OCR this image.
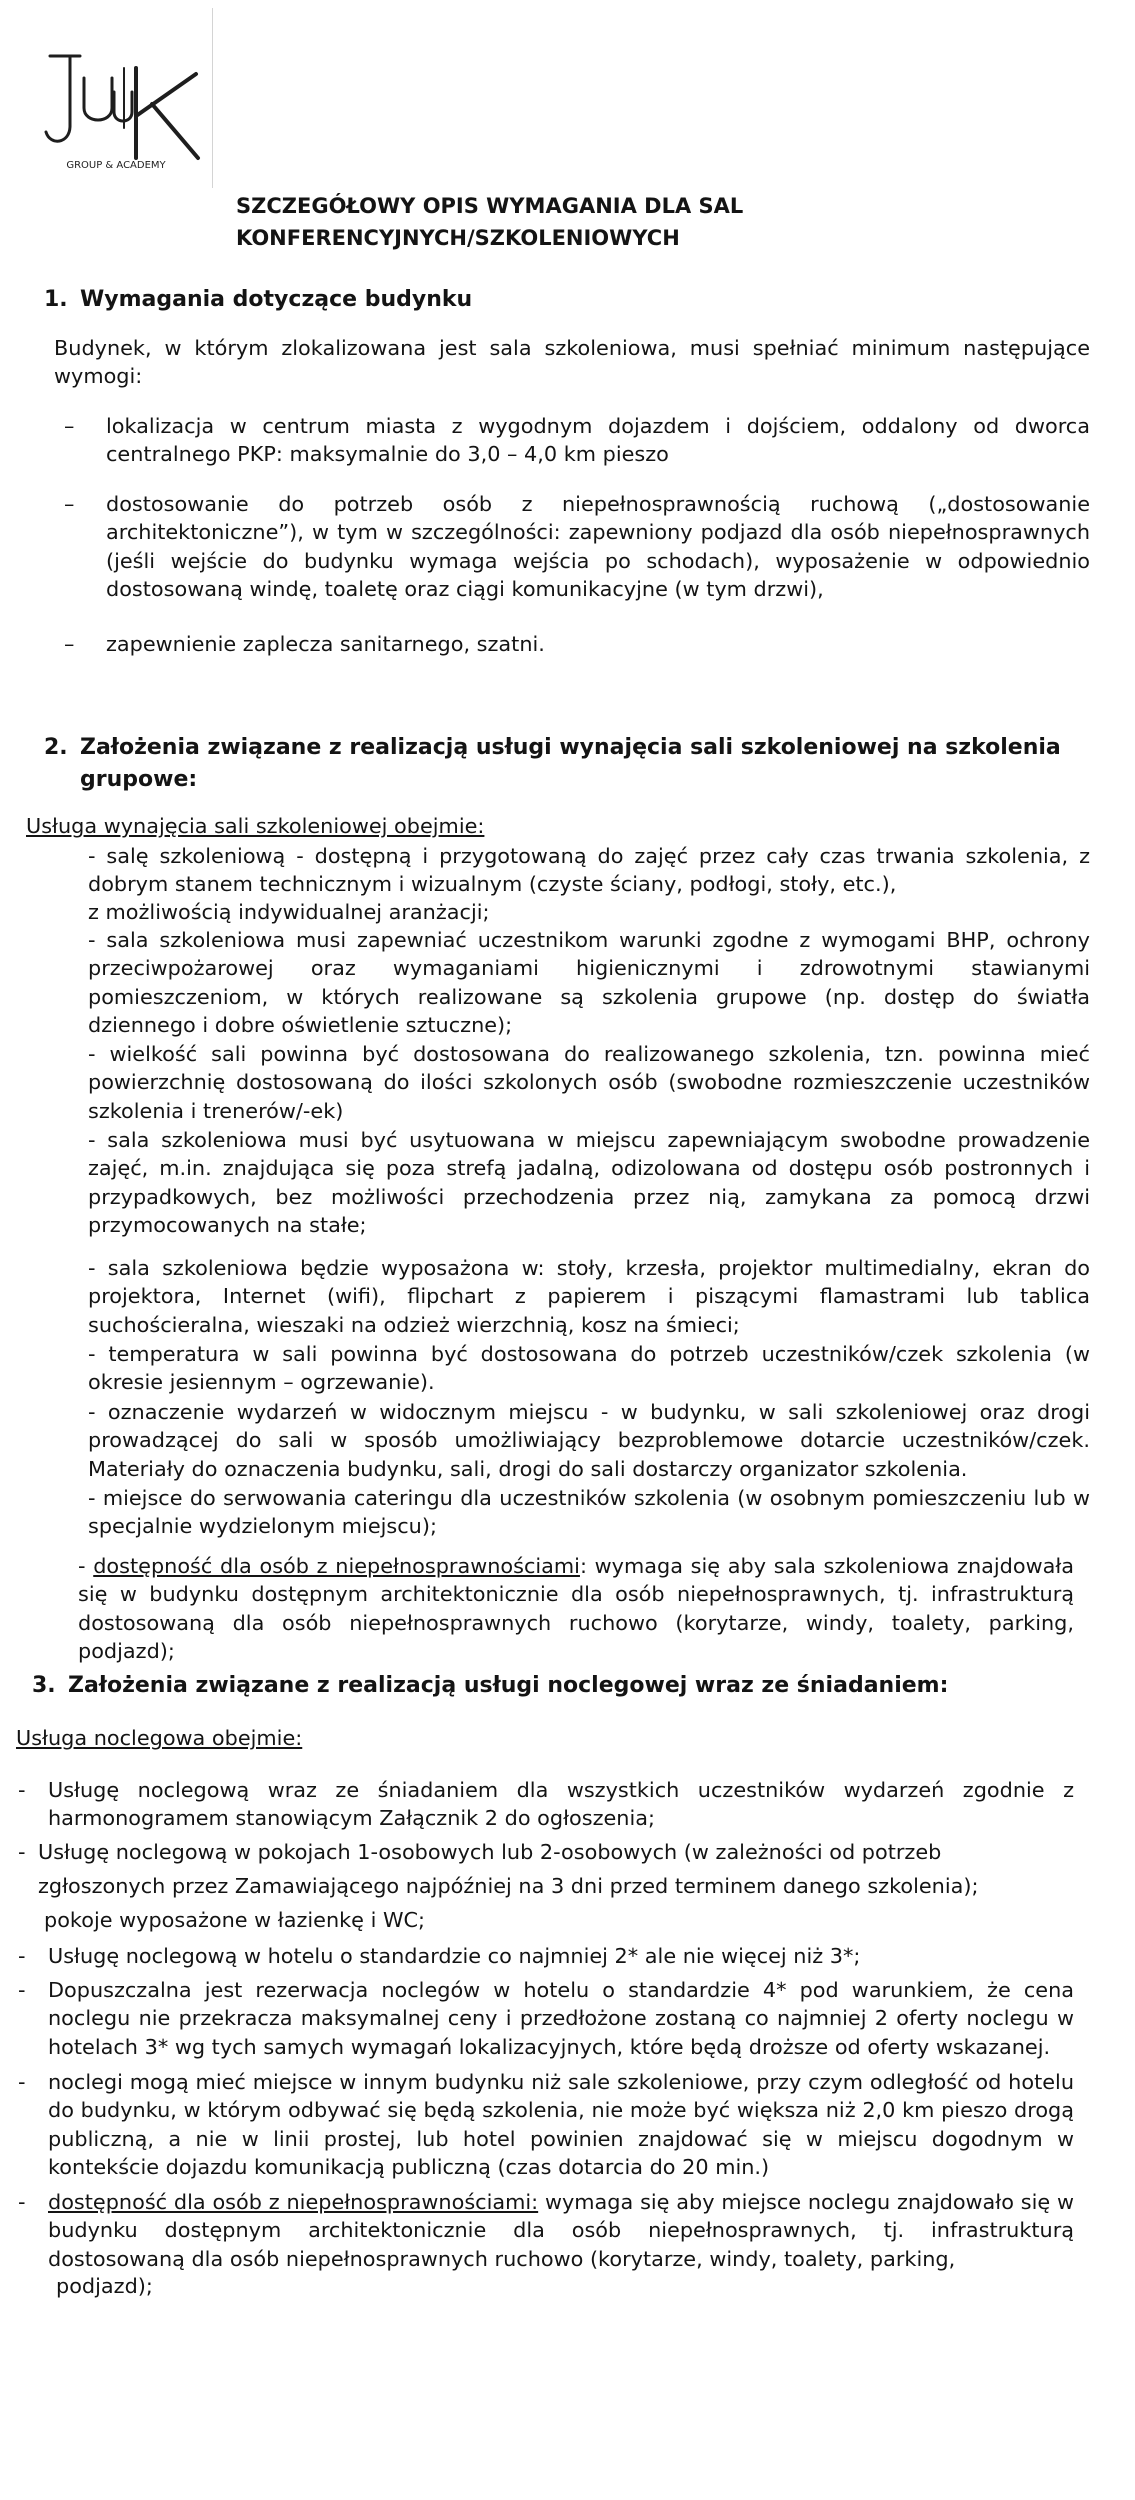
GROUP & ACADEMY
SZCZEGÓŁOWY OPIS WYMAGANIA DLA SAL
KONFERENCYJNYCH/SZKOLENIOWYCH
1. Wymagania dotyczące budynku

Budynek, w którym zlokalizowana jest sala szkoleniowa, musi spełniać minimum następujące wymogi:

– lokalizacja w centrum miasta z wygodnym dojazdem i dojściem, oddalony od dworca centralnego PKP: maksymalnie do 3,0 – 4,0 km pieszo

– dostosowanie do potrzeb osób z niepełnosprawnością ruchową („dostosowanie architektoniczne”), w tym w szczególności: zapewniony podjazd dla osób niepełnosprawnych (jeśli wejście do budynku wymaga wejścia po schodach), wyposażenie w odpowiednio dostosowaną windę, toaletę oraz ciągi komunikacyjne (w tym drzwi),

– zapewnienie zaplecza sanitarnego, szatni.

2. Założenia związane z realizacją usługi wynajęcia sali szkoleniowej na szkolenia
grupowe:

Usługa wynajęcia sali szkoleniowej obejmie:

- salę szkoleniową - dostępną i przygotowaną do zajęć przez cały czas trwania szkolenia, z dobrym stanem technicznym i wizualnym (czyste ściany, podłogi, stoły, etc.),

z możliwością indywidualnej aranżacji;

- sala szkoleniowa musi zapewniać uczestnikom warunki zgodne z wymogami BHP, ochrony przeciwpożarowej oraz wymaganiami higienicznymi i zdrowotnymi stawianymi pomieszczeniom, w których realizowane są szkolenia grupowe (np. dostęp do światła dziennego i dobre oświetlenie sztuczne);

- wielkość sali powinna być dostosowana do realizowanego szkolenia, tzn. powinna mieć powierzchnię dostosowaną do ilości szkolonych osób (swobodne rozmieszczenie uczestników szkolenia i trenerów/-ek)

- sala szkoleniowa musi być usytuowana w miejscu zapewniającym swobodne prowadzenie zajęć, m.in. znajdująca się poza strefą jadalną, odizolowana od dostępu osób postronnych i przypadkowych, bez możliwości przechodzenia przez nią, zamykana za pomocą drzwi przymocowanych na stałe;

- sala szkoleniowa będzie wyposażona w: stoły, krzesła, projektor multimedialny, ekran do projektora, Internet (wifi), flipchart z papierem i piszącymi flamastrami lub tablica suchościeralna, wieszaki na odzież wierzchnią, kosz na śmieci;

- temperatura w sali powinna być dostosowana do potrzeb uczestników/czek szkolenia (w okresie jesiennym – ogrzewanie).

- oznaczenie wydarzeń w widocznym miejscu - w budynku, w sali szkoleniowej oraz drogi prowadzącej do sali w sposób umożliwiający bezproblemowe dotarcie uczestników/czek. Materiały do oznaczenia budynku, sali, drogi do sali dostarczy organizator szkolenia.

- miejsce do serwowania cateringu dla uczestników szkolenia (w osobnym pomieszczeniu lub w specjalnie wydzielonym miejscu);

- dostępność dla osób z niepełnosprawnościami: wymaga się aby sala szkoleniowa znajdowała się w budynku dostępnym architektonicznie dla osób niepełnosprawnych, tj. infrastrukturą dostosowaną dla osób niepełnosprawnych ruchowo (korytarze, windy, toalety, parking, podjazd);

3. Założenia związane z realizacją usługi noclegowej wraz ze śniadaniem:

Usługa noclegowa obejmie:

- Usługę noclegową wraz ze śniadaniem dla wszystkich uczestników wydarzeń zgodnie z harmonogramem stanowiącym Załącznik 2 do ogłoszenia;

- Usługę noclegową w pokojach 1-osobowych lub 2-osobowych (w zależności od potrzeb

zgłoszonych przez Zamawiającego najpóźniej na 3 dni przed terminem danego szkolenia);

pokoje wyposażone w łazienkę i WC;

- Usługę noclegową w hotelu o standardzie co najmniej 2* ale nie więcej niż 3*;

- Dopuszczalna jest rezerwacja noclegów w hotelu o standardzie 4* pod warunkiem, że cena noclegu nie przekracza maksymalnej ceny i przedłożone zostaną co najmniej 2 oferty noclegu w hotelach 3* wg tych samych wymagań lokalizacyjnych, które będą droższe od oferty wskazanej.

- noclegi mogą mieć miejsce w innym budynku niż sale szkoleniowe, przy czym odległość od hotelu do budynku, w którym odbywać się będą szkolenia, nie może być większa niż 2,0 km pieszo drogą publiczną, a nie w linii prostej, lub hotel powinien znajdować się w miejscu dogodnym w kontekście dojazdu komunikacją publiczną (czas dotarcia do 20 min.)

- dostępność dla osób z niepełnosprawnościami: wymaga się aby miejsce noclegu znajdowało się w budynku dostępnym architektonicznie dla osób niepełnosprawnych, tj. infrastrukturą dostosowaną dla osób niepełnosprawnych ruchowo (korytarze, windy, toalety, parking,

podjazd);
